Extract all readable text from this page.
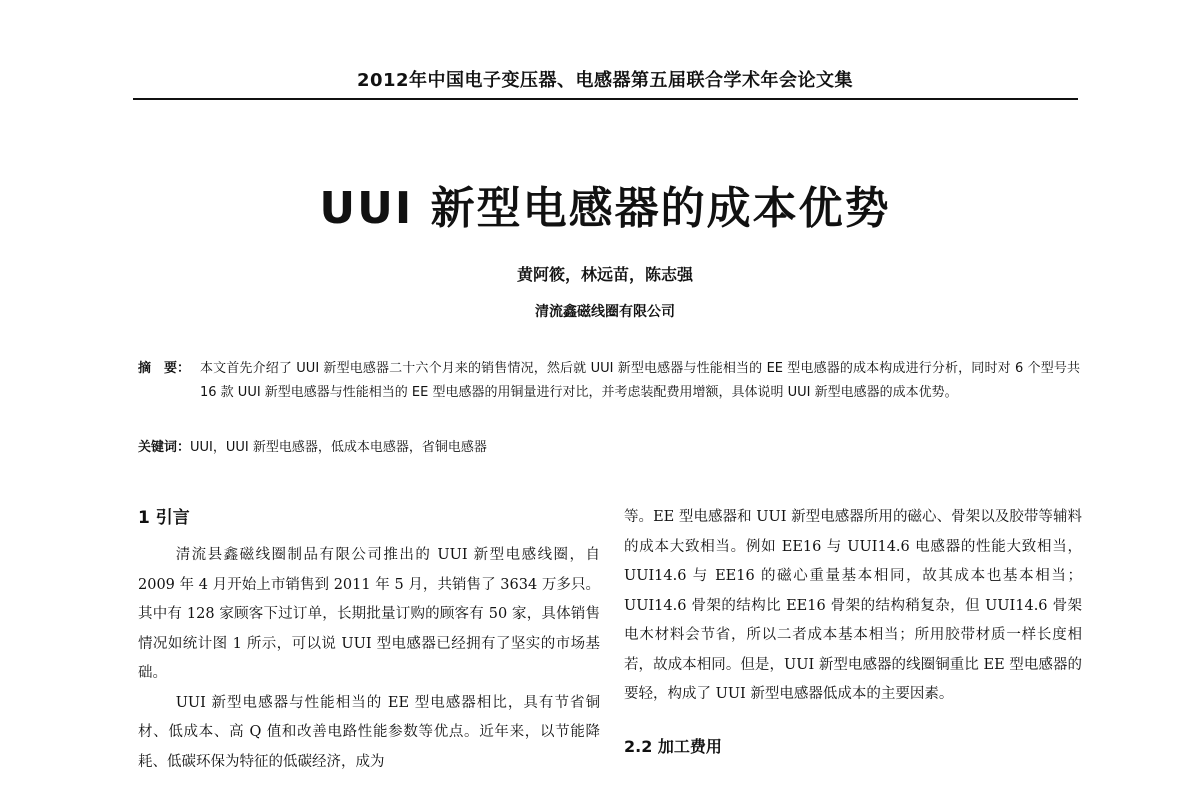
2012年中国电子变压器、电感器第五届联合学术年会论文集
UUI 新型电感器的成本优势
黄阿筱，林远苗，陈志强
清流鑫磁线圈有限公司
摘　要： 本文首先介绍了 UUI 新型电感器二十六个月来的销售情况，然后就 UUI 新型电感器与性能相当的 EE 型电感器的成本构成进行分析，同时对 6 个型号共 16 款 UUI 新型电感器与性能相当的 EE 型电感器的用铜量进行对比，并考虑装配费用增额，具体说明 UUI 新型电感器的成本优势。
关键词：UUI，UUI 新型电感器，低成本电感器，省铜电感器
1 引言

清流县鑫磁线圈制品有限公司推出的 UUI 新型电感线圈，自 2009 年 4 月开始上市销售到 2011 年 5 月，共销售了 3634 万多只。其中有 128 家顾客下过订单，长期批量订购的顾客有 50 家，具体销售情况如统计图 1 所示，可以说 UUI 型电感器已经拥有了坚实的市场基础。

UUI 新型电感器与性能相当的 EE 型电感器相比，具有节省铜材、低成本、高 Q 值和改善电路性能参数等优点。近年来，以节能降耗、低碳环保为特征的低碳经济，成为

等。EE 型电感器和 UUI 新型电感器所用的磁心、骨架以及胶带等辅料的成本大致相当。例如 EE16 与 UUI14.6 电感器的性能大致相当，UUI14.6 与 EE16 的磁心重量基本相同，故其成本也基本相当；UUI14.6 骨架的结构比 EE16 骨架的结构稍复杂，但 UUI14.6 骨架电木材料会节省，所以二者成本基本相当；所用胶带材质一样长度相若，故成本相同。但是，UUI 新型电感器的线圈铜重比 EE 型电感器的要轻，构成了 UUI 新型电感器低成本的主要因素。

2.2 加工费用
